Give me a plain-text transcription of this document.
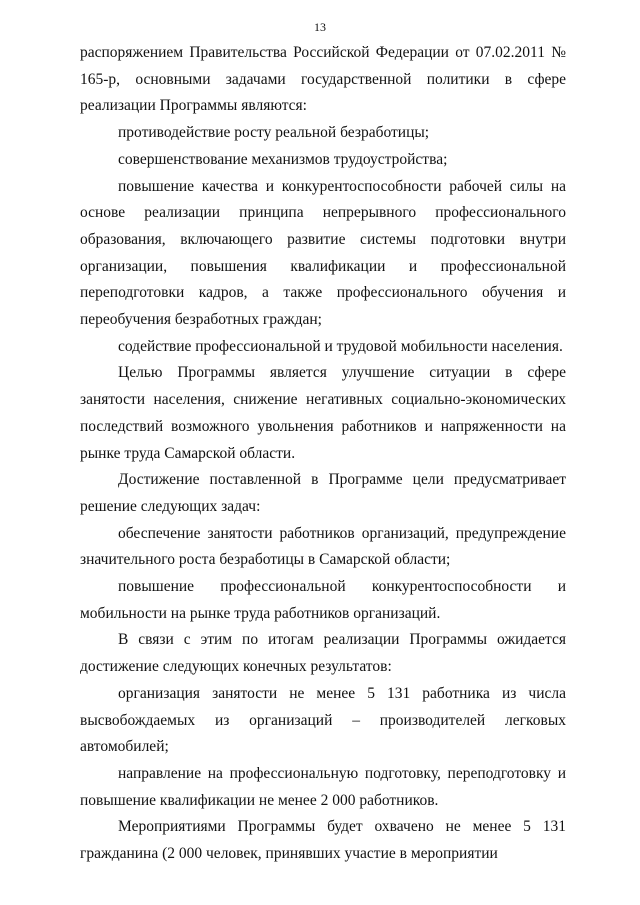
13

распоряжением Правительства Российской Федерации от 07.02.2011 № 165-р, основными задачами государственной политики в сфере реализации Программы являются:

противодействие росту реальной безработицы;

совершенствование механизмов трудоустройства;

повышение качества и конкурентоспособности рабочей силы на основе реализации принципа непрерывного профессионального образования, включающего развитие системы подготовки внутри организации, повышения квалификации и профессиональной переподготовки кадров, а также профессионального обучения и переобучения безработных граждан;

содействие профессиональной и трудовой мобильности населения.

Целью Программы является улучшение ситуации в сфере занятости населения, снижение негативных социально-экономических последствий возможного увольнения работников и напряженности на рынке труда Самарской области.

Достижение поставленной в Программе цели предусматривает решение следующих задач:

обеспечение занятости работников организаций, предупреждение значительного роста безработицы в Самарской области;

повышение профессиональной конкурентоспособности и мобильности на рынке труда работников организаций.

В связи с этим по итогам реализации Программы ожидается достижение следующих конечных результатов:

организация занятости не менее 5 131 работника из числа высвобождаемых из организаций – производителей легковых автомобилей;

направление на профессиональную подготовку, переподготовку и повышение квалификации не менее 2 000 работников.

Мероприятиями Программы будет охвачено не менее 5 131 гражданина (2 000 человек, принявших участие в мероприятии
